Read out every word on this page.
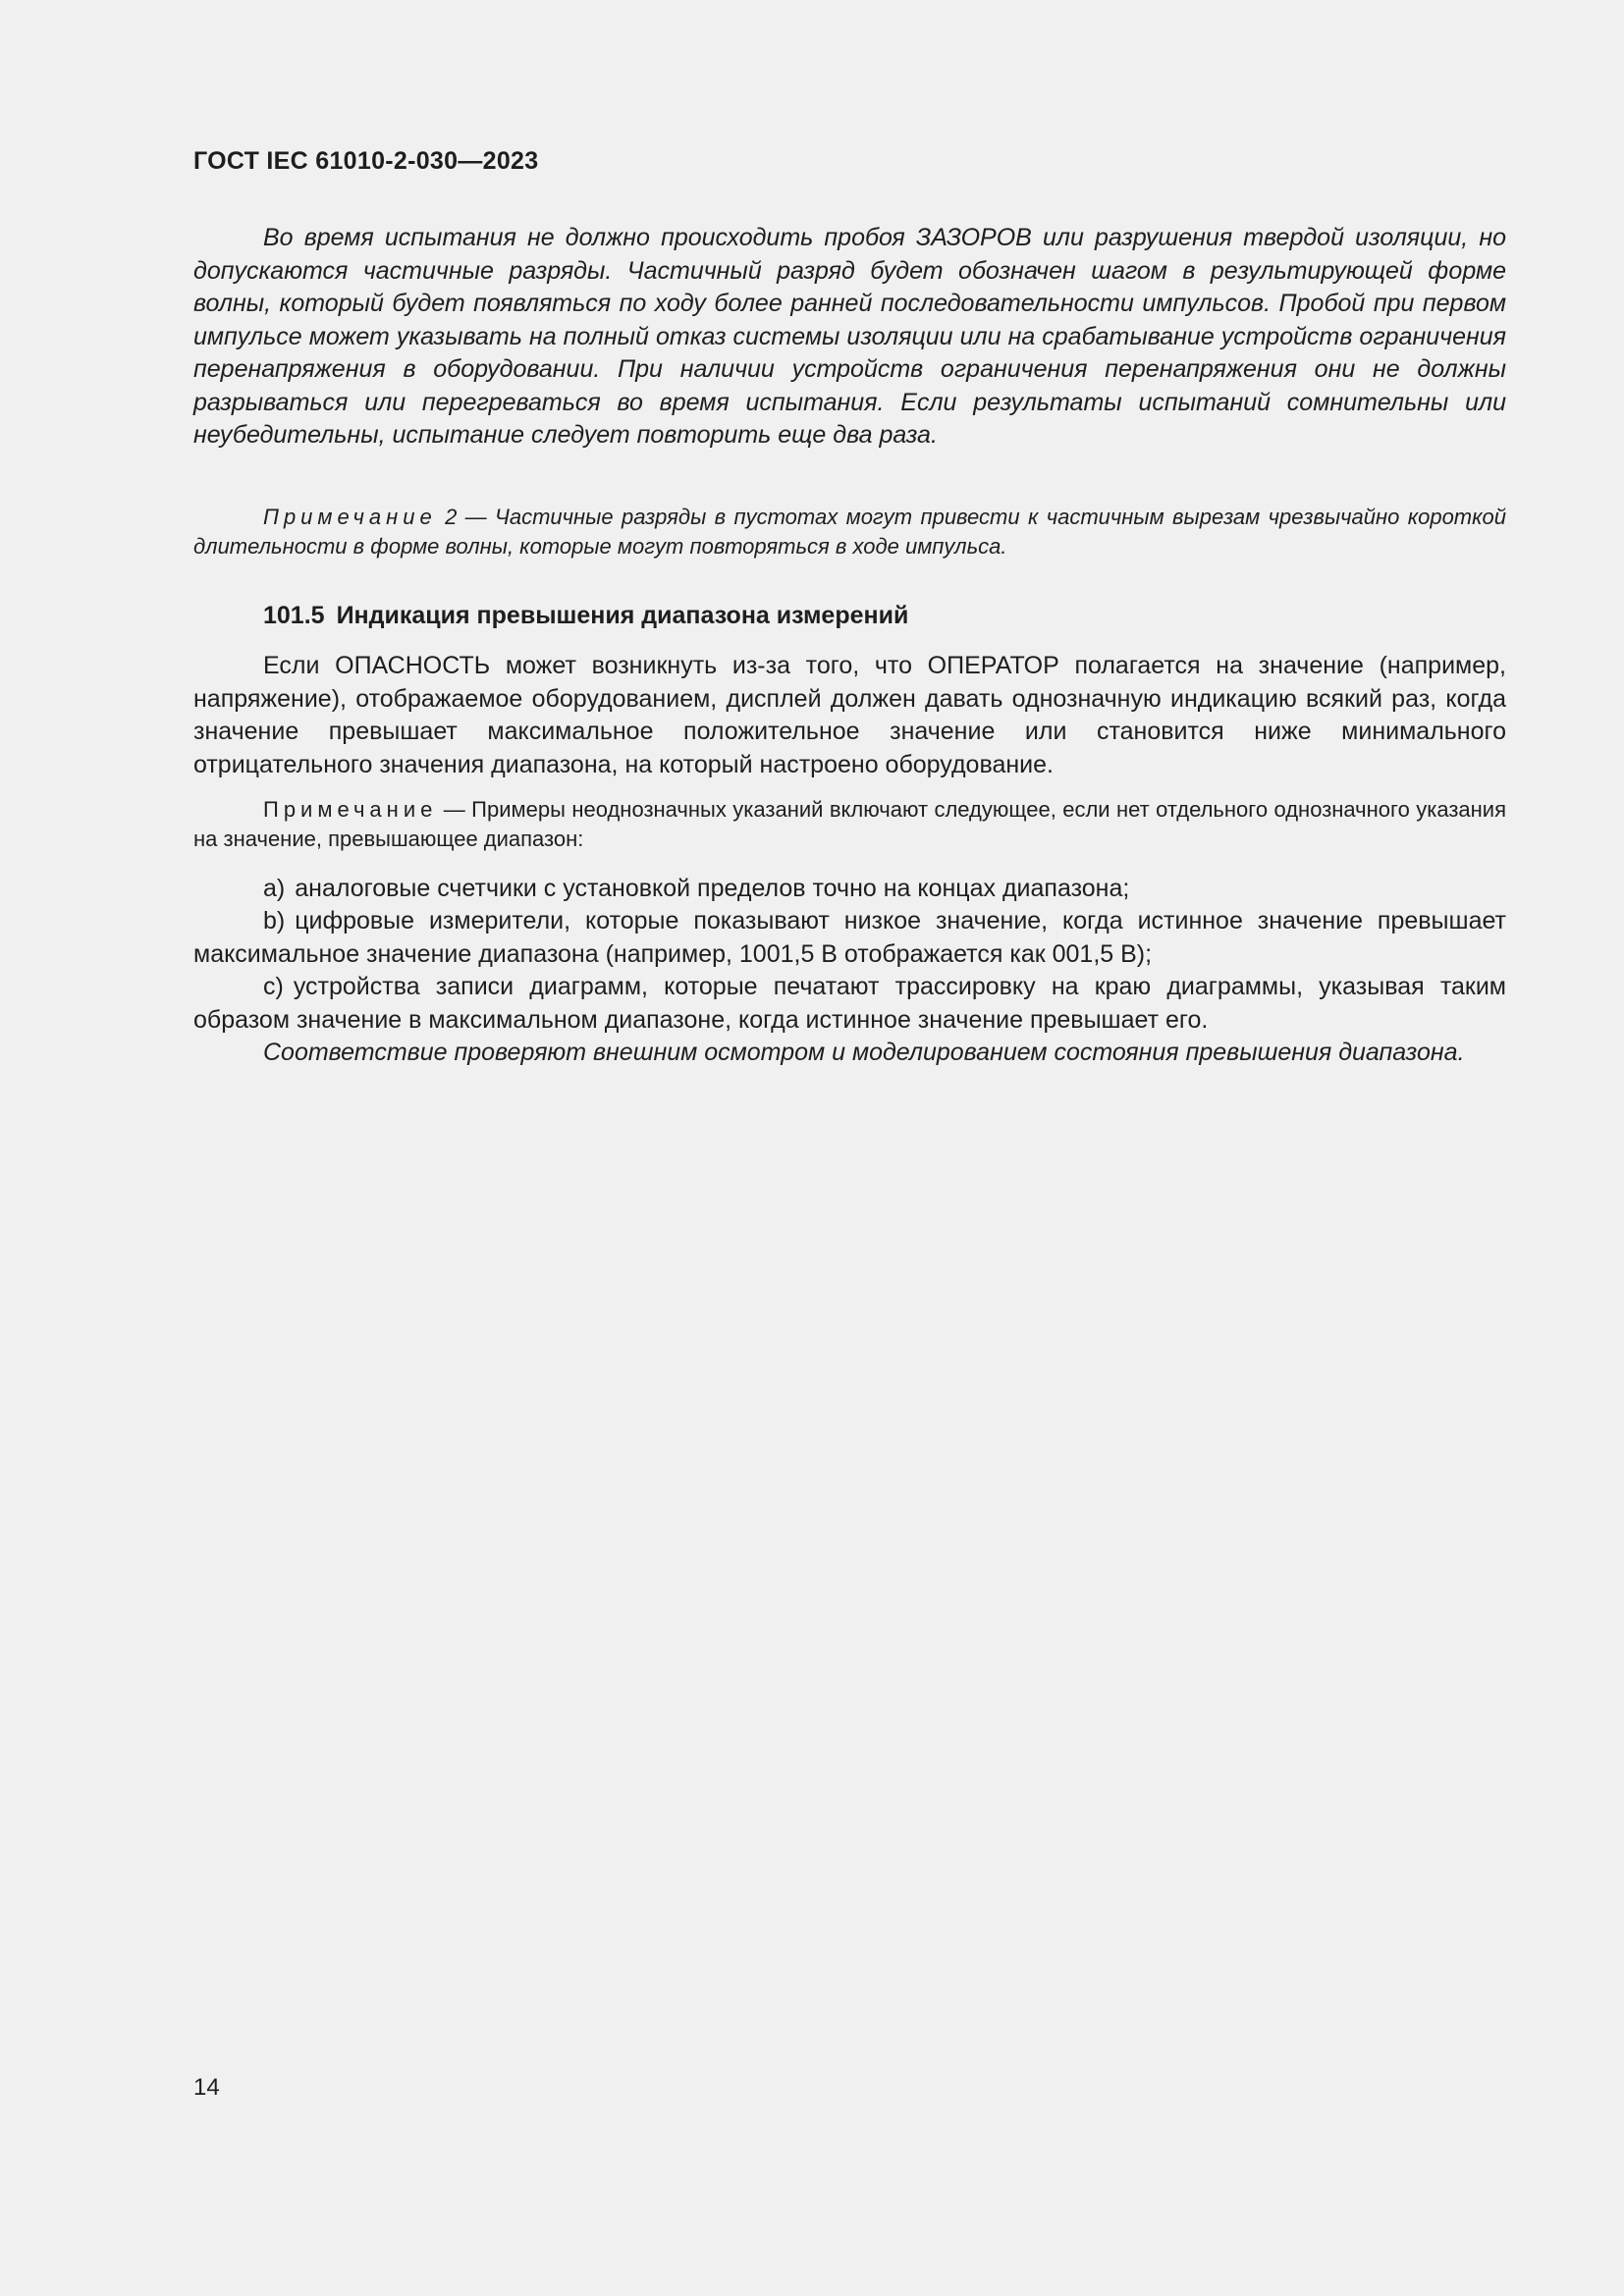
ГОСТ IEC 61010-2-030—2023

Во время испытания не должно происходить пробоя ЗАЗОРОВ или разрушения твердой изоляции, но допускаются частичные разряды. Частичный разряд будет обозначен шагом в результирующей форме волны, который будет появляться по ходу более ранней последовательности импульсов. Пробой при первом импульсе может указывать на полный отказ системы изоляции или на срабатывание устройств ограничения перенапряжения в оборудовании. При наличии устройств ограничения перенапряжения они не должны разрываться или перегреваться во время испытания. Если результаты испытаний сомнительны или неубедительны, испытание следует повторить еще два раза.

Примечание 2 — Частичные разряды в пустотах могут привести к частичным вырезам чрезвычайно короткой длительности в форме волны, которые могут повторяться в ходе импульса.

101.5 Индикация превышения диапазона измерений

Если ОПАСНОСТЬ может возникнуть из-за того, что ОПЕРАТОР полагается на значение (например, напряжение), отображаемое оборудованием, дисплей должен давать однозначную индикацию всякий раз, когда значение превышает максимальное положительное значение или становится ниже минимального отрицательного значения диапазона, на который настроено оборудование.

Примечание — Примеры неоднозначных указаний включают следующее, если нет отдельного однозначного указания на значение, превышающее диапазон:

a) аналоговые счетчики с установкой пределов точно на концах диапазона;

b) цифровые измерители, которые показывают низкое значение, когда истинное значение превышает максимальное значение диапазона (например, 1001,5 В отображается как 001,5 В);

c) устройства записи диаграмм, которые печатают трассировку на краю диаграммы, указывая таким образом значение в максимальном диапазоне, когда истинное значение превышает его.

Соответствие проверяют внешним осмотром и моделированием состояния превышения диапазона.

14
